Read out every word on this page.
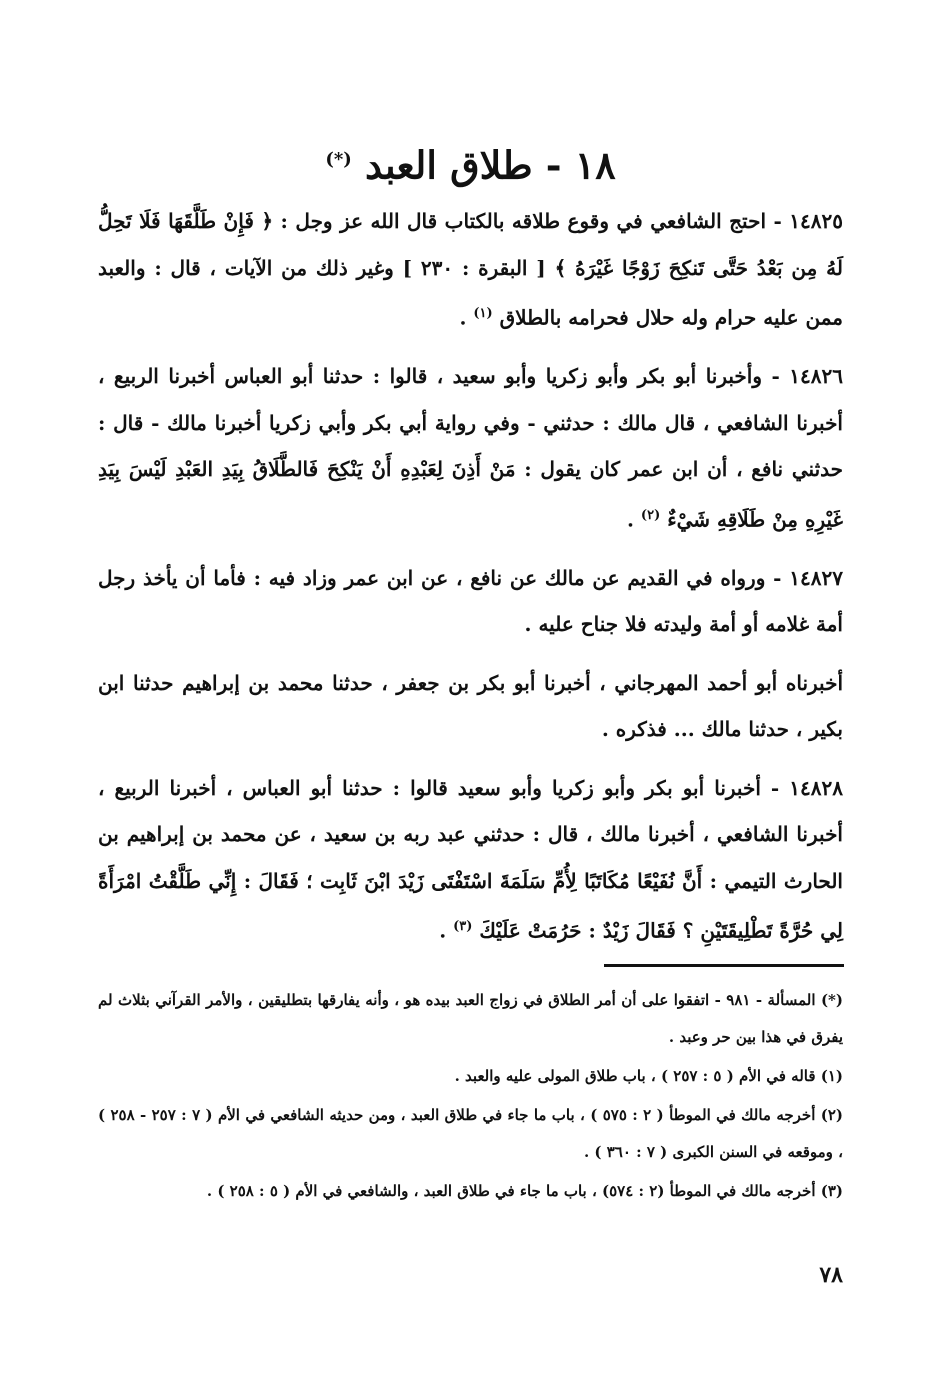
١٨ - طلاق العبد (*)

١٤٨٢٥ - احتج الشافعي في وقوع طلاقه بالكتاب قال الله عز وجل : ﴿ فَإِنْ طَلَّقَهَا فَلَا تَحِلُّ لَهُ مِن بَعْدُ حَتَّى تَنكِحَ زَوْجًا غَيْرَهُ ﴾ [ البقرة : ٢٣٠ ] وغير ذلك من الآيات ، قال : والعبد ممن عليه حرام وله حلال فحرامه بالطلاق $^{(١)}$ .

١٤٨٢٦ - وأخبرنا أبو بكر وأبو زكريا وأبو سعيد ، قالوا : حدثنا أبو العباس أخبرنا الربيع ، أخبرنا الشافعي ، قال مالك : حدثني - وفي رواية أبي بكر وأبي زكريا أخبرنا مالك - قال : حدثني نافع ، أن ابن عمر كان يقول : مَنْ أَذِنَ لِعَبْدِهِ أَنْ يَنْكِحَ فَالطَّلَاقُ بِيَدِ العَبْدِ لَيْسَ بِيَدِ غَيْرِهِ مِنْ طَلَاقِهِ شَيْءٌ $^{(٢)}$ .

١٤٨٢٧ - ورواه في القديم عن مالك عن نافع ، عن ابن عمر وزاد فيه : فأما أن يأخذ رجل أمة غلامه أو أمة وليدته فلا جناح عليه .

أخبرناه أبو أحمد المهرجاني ، أخبرنا أبو بكر بن جعفر ، حدثنا محمد بن إبراهيم حدثنا ابن بكير ، حدثنا مالك ... فذكره .

١٤٨٢٨ - أخبرنا أبو بكر وأبو زكريا وأبو سعيد قالوا : حدثنا أبو العباس ، أخبرنا الربيع ، أخبرنا الشافعي ، أخبرنا مالك ، قال : حدثني عبد ربه بن سعيد ، عن محمد بن إبراهيم بن الحارث التيمي : أَنَّ نُفَيْعًا مُكَاتَبًا لِأُمِّ سَلَمَةَ اسْتَفْتَى زَيْدَ ابْنَ ثَابِت ؛ فَقَالَ : إِنِّي طَلَّقْتُ امْرَأَةً لِي حُرَّةً تَطْلِيقَتَيْنِ ؟ فَقَالَ زَيْدٌ : حَرُمَتْ عَلَيْكَ $^{(٣)}$ .

(*) المسألة - ٩٨١ - اتفقوا على أن أمر الطلاق في زواج العبد بيده هو ، وأنه يفارقها بتطليقين ، والأمر القرآني بثلاث لم يفرق في هذا بين حر وعبد .

(١) قاله في الأم ( ٥ : ٢٥٧ ) ، باب طلاق المولى عليه والعبد .

(٢) أخرجه مالك في الموطأ ( ٢ : ٥٧٥ ) ، باب ما جاء في طلاق العبد ، ومن حديثه الشافعي في الأم ( ٧ : ٢٥٧ - ٢٥٨ ) ، وموقعه في السنن الكبرى ( ٧ : ٣٦٠ ) .

(٣) أخرجه مالك في الموطأ (٢ : ٥٧٤) ، باب ما جاء في طلاق العبد ، والشافعي في الأم ( ٥ : ٢٥٨ ) .

٧٨
